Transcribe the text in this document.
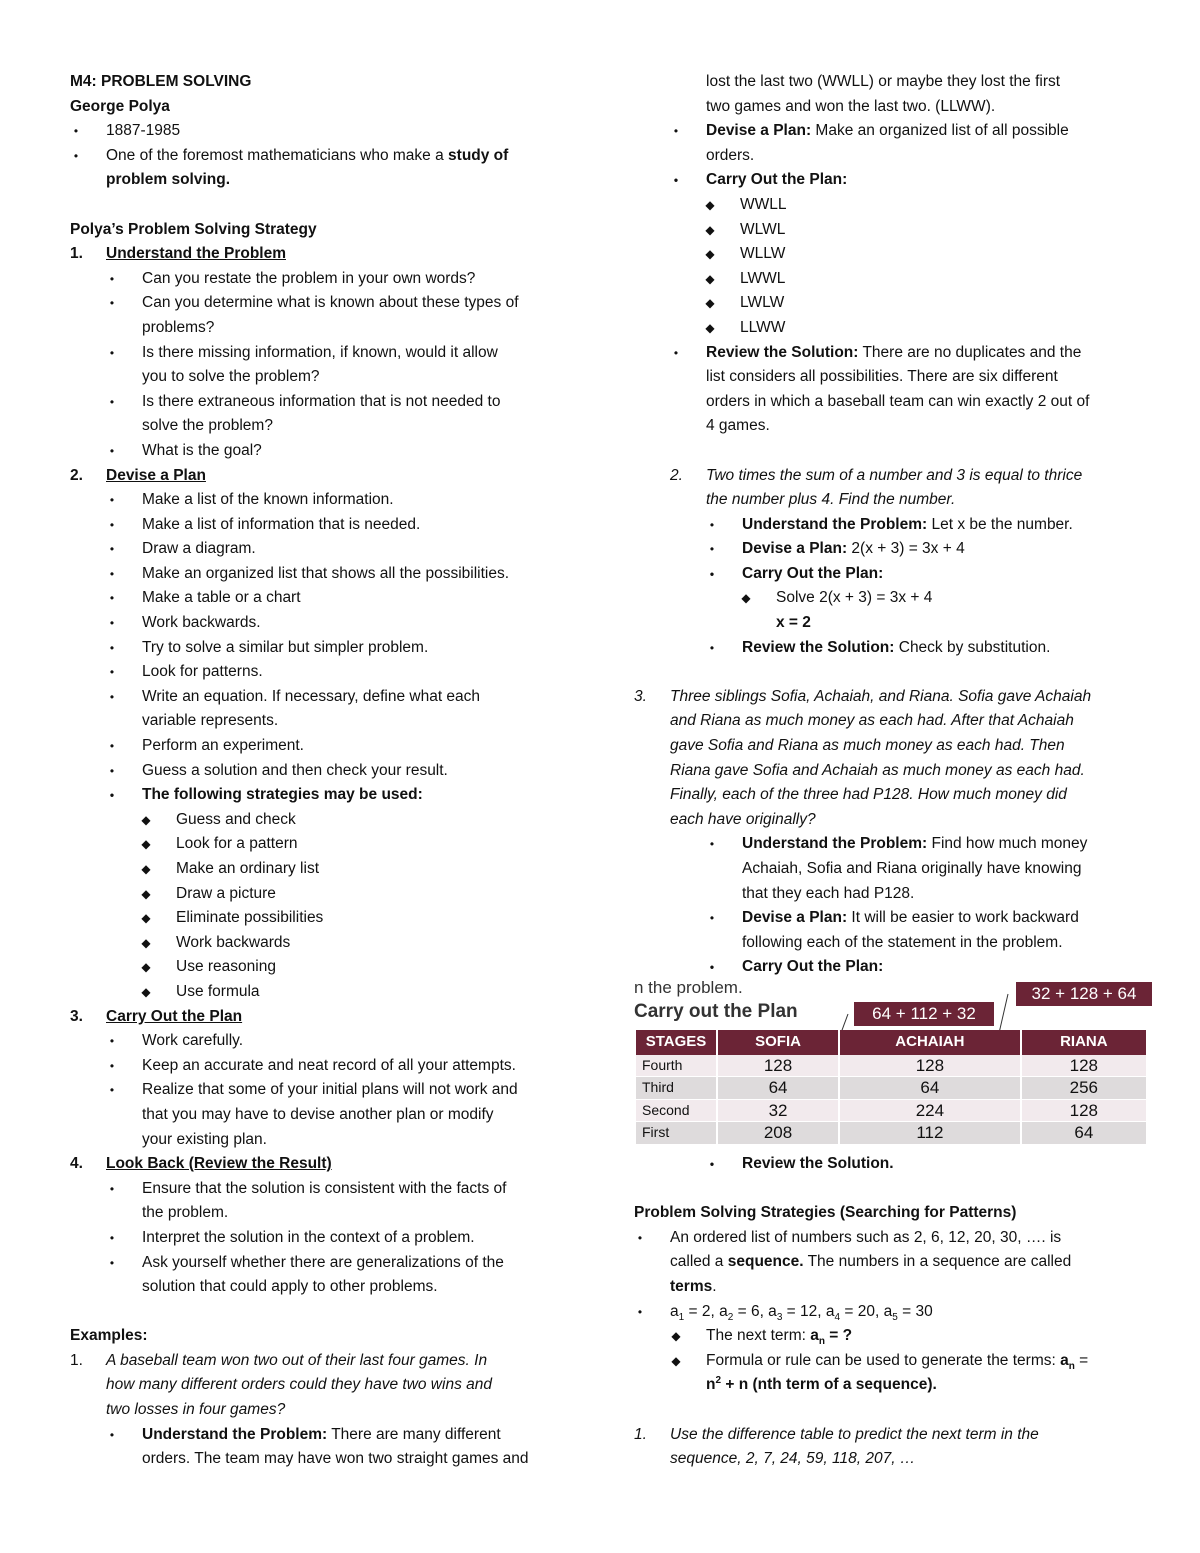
M4: PROBLEM SOLVING
George Polya
• 1887-1985
• One of the foremost mathematicians who make a study of
problem solving.
Polya’s Problem Solving Strategy
1. Understand the Problem
• Can you restate the problem in your own words?
• Can you determine what is known about these types of
problems?
• Is there missing information, if known, would it allow
you to solve the problem?
• Is there extraneous information that is not needed to
solve the problem?
• What is the goal?
2. Devise a Plan
• Make a list of the known information.
• Make a list of information that is needed.
• Draw a diagram.
• Make an organized list that shows all the possibilities.
• Make a table or a chart
• Work backwards.
• Try to solve a similar but simpler problem.
• Look for patterns.
• Write an equation. If necessary, define what each
variable represents.
• Perform an experiment.
• Guess a solution and then check your result.
• The following strategies may be used:
◆ Guess and check
◆ Look for a pattern
◆ Make an ordinary list
◆ Draw a picture
◆ Eliminate possibilities
◆ Work backwards
◆ Use reasoning
◆ Use formula
3. Carry Out the Plan
• Work carefully.
• Keep an accurate and neat record of all your attempts.
• Realize that some of your initial plans will not work and
that you may have to devise another plan or modify
your existing plan.
4. Look Back (Review the Result)
• Ensure that the solution is consistent with the facts of
the problem.
• Interpret the solution in the context of a problem.
• Ask yourself whether there are generalizations of the
solution that could apply to other problems.
Examples:
1. A baseball team won two out of their last four games. In
how many different orders could they have two wins and
two losses in four games?
• Understand the Problem: There are many different
orders. The team may have won two straight games and
lost the last two (WWLL) or maybe they lost the first
two games and won the last two. (LLWW).
• Devise a Plan: Make an organized list of all possible
orders.
• Carry Out the Plan:
◆ WWLL
◆ WLWL
◆ WLLW
◆ LWWL
◆ LWLW
◆ LLWW
• Review the Solution: There are no duplicates and the
list considers all possibilities. There are six different
orders in which a baseball team can win exactly 2 out of
4 games.
2. Two times the sum of a number and 3 is equal to thrice
the number plus 4. Find the number.
• Understand the Problem: Let x be the number.
• Devise a Plan: 2(x + 3) = 3x + 4
• Carry Out the Plan:
◆ Solve 2(x + 3) = 3x + 4
x = 2
• Review the Solution: Check by substitution.
3. Three siblings Sofia, Achaiah, and Riana. Sofia gave Achaiah
and Riana as much money as each had. After that Achaiah
gave Sofia and Riana as much money as each had. Then
Riana gave Sofia and Achaiah as much money as each had.
Finally, each of the three had P128. How much money did
each have originally?
• Understand the Problem: Find how much money
Achaiah, Sofia and Riana originally have knowing
that they each had P128.
• Devise a Plan: It will be easier to work backward
following each of the statement in the problem.
• Carry Out the Plan:
• Review the Solution.
Problem Solving Strategies (Searching for Patterns)
• An ordered list of numbers such as 2, 6, 12, 20, 30, …. is
called a sequence. The numbers in a sequence are called
terms.
• $a_1 = 2$, $a_2 = 6$, $a_3 = 12$, $a_4 = 20$, $a_5 = 30$
◆ The next term: $a_n$ = ?
◆ Formula or rule can be used to generate the terms: $a_n$ =
$n^2 + n$ (nth term of a sequence).
1. Use the difference table to predict the next term in the
sequence, 2, 7, 24, 59, 118, 207, …
n the problem.
Carry out the Plan	64 + 112 + 32
32 + 128 + 64
STAGES	SOFIA	ACHAIAH	RIANA
Fourth	128	128	128
Third	64	64	256
Second	32	224	128
First	208	112	64
